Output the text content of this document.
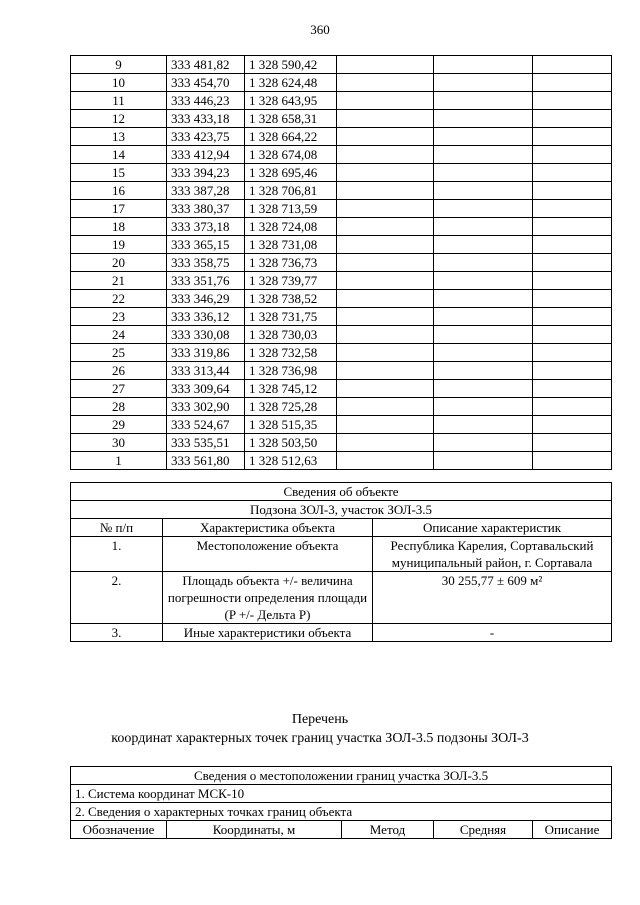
360
9	333 481,82	1 328 590,42			
10	333 454,70	1 328 624,48			
11	333 446,23	1 328 643,95			
12	333 433,18	1 328 658,31			
13	333 423,75	1 328 664,22			
14	333 412,94	1 328 674,08			
15	333 394,23	1 328 695,46			
16	333 387,28	1 328 706,81			
17	333 380,37	1 328 713,59			
18	333 373,18	1 328 724,08			
19	333 365,15	1 328 731,08			
20	333 358,75	1 328 736,73			
21	333 351,76	1 328 739,77			
22	333 346,29	1 328 738,52			
23	333 336,12	1 328 731,75			
24	333 330,08	1 328 730,03			
25	333 319,86	1 328 732,58			
26	333 313,44	1 328 736,98			
27	333 309,64	1 328 745,12			
28	333 302,90	1 328 725,28			
29	333 524,67	1 328 515,35			
30	333 535,51	1 328 503,50			
1	333 561,80	1 328 512,63			
Сведения об объекте		
Подзона ЗОЛ-3, участок ЗОЛ-3.5		
№ п/п	Характеристика объекта	Описание характеристик
1.	Местоположение объекта	Республика Карелия, Сортавальский муниципальный район, г. Сортавала
2.	Площадь объекта +/- величина погрешности определения площади (P +/- Дельта P)	30 255,77 ± 609 м²
3.	Иные характеристики объекта	-
Перечень
координат характерных точек границ участка ЗОЛ-3.5 подзоны ЗОЛ-3
Сведения о местоположении границ участка ЗОЛ-3.5
1. Система координат МСК-10
2. Сведения о характерных точках границ объекта
Обозначение	Координаты, м	Метод	Средняя	Описание
